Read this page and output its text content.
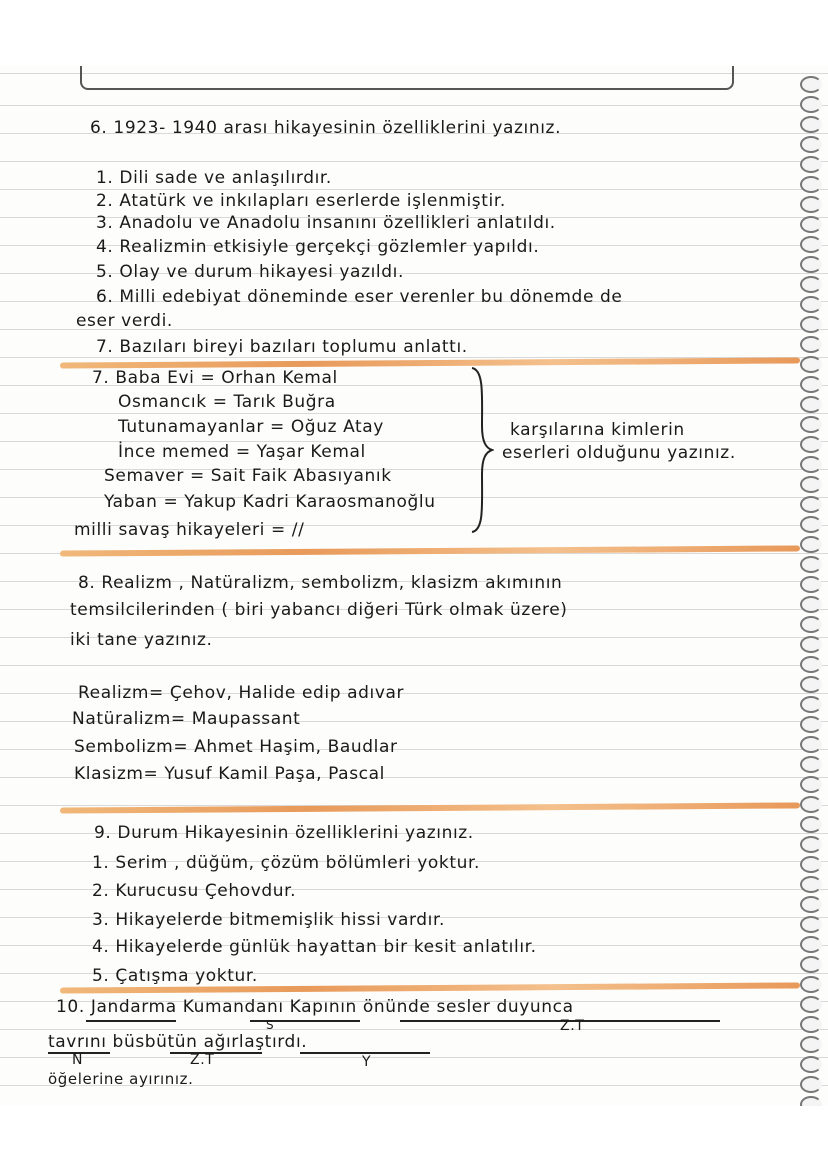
6. 1923- 1940 arası hikayesinin özelliklerini yazınız.

1. Dili sade ve anlaşılırdır.

2. Atatürk ve inkılapları eserlerde işlenmiştir.

3. Anadolu ve Anadolu insanını özellikleri anlatıldı.

4. Realizmin etkisiyle gerçekçi gözlemler yapıldı.

5. Olay ve durum hikayesi yazıldı.

6. Milli edebiyat döneminde eser verenler bu dönemde de

eser verdi.

7. Bazıları bireyi bazıları toplumu anlattı.

7. Baba Evi = Orhan Kemal

Osmancık = Tarık Buğra

Tutunamayanlar = Oğuz Atay

İnce memed = Yaşar Kemal

Semaver = Sait Faik Abasıyanık

Yaban = Yakup Kadri Karaosmanoğlu

milli savaş hikayeleri = //

karşılarına kimlerin

eserleri olduğunu yazınız.

8. Realizm , Natüralizm, sembolizm, klasizm akımının

temsilcilerinden ( biri yabancı diğeri Türk olmak üzere)

iki tane yazınız.

Realizm= Çehov, Halide edip adıvar

Natüralizm= Maupassant

Sembolizm= Ahmet Haşim, Baudlar

Klasizm= Yusuf Kamil Paşa, Pascal

9. Durum Hikayesinin özelliklerini yazınız.

1. Serim , düğüm, çözüm bölümleri yoktur.

2. Kurucusu Çehovdur.

3. Hikayelerde bitmemişlik hissi vardır.

4. Hikayelerde günlük hayattan bir kesit anlatılır.

5. Çatışma yoktur.

10. Jandarma Kumandanı Kapının önünde sesler duyunca

S	Z.T

tavrını büsbütün ağırlaştırdı.

N	Z.T	Y

öğelerine ayırınız.
